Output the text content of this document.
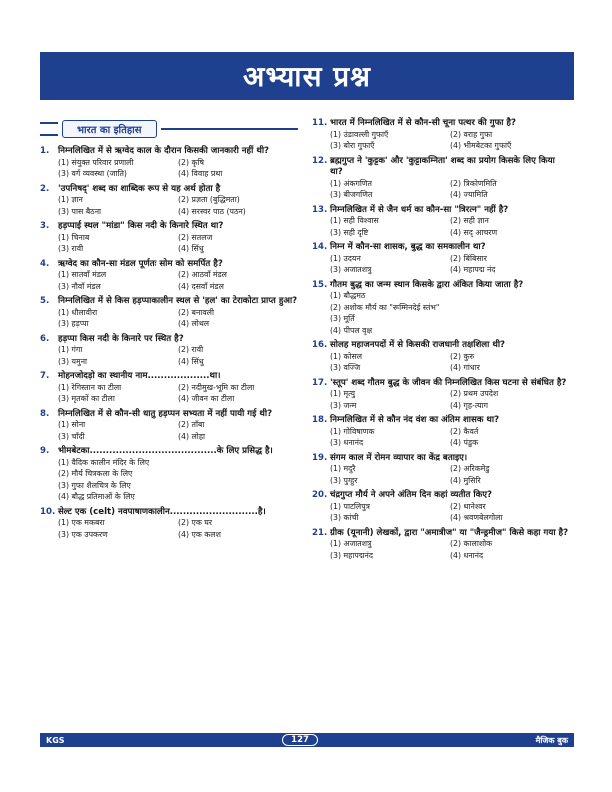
अभ्यास प्रश्न
भारत का इतिहास
1.	निम्नलिखित में से ऋग्वेद काल के दौरान किसकी जानकारी नहीं थी?
(1) संयुक्त परिवार प्रणाली	(2) कृषि
(3) वर्ग व्यवस्था (जाति)	(4) विवाह प्रथा
2.	'उपनिषद्' शब्द का शाब्दिक रूप से यह अर्थ होता है
(1) ज्ञान	(2) प्रज्ञता (बुद्धिमता)
(3) पास बैठना	(4) सरस्वर पाठ (पठन)
3.	हड़प्पाई स्थल "मांडा" किस नदी के किनारे स्थित था?
(1) चिनाब	(2) सतलज
(3) रावी	(4) सिंधु
4.	ऋग्वेद का कौन-सा मंडल पूर्णतः सोम को समर्पित है?
(1) सातवाँ मंडल	(2) आठवाँ मंडल
(3) नौवाँ मंडल	(4) दसवाँ मंडल
5.	निम्नलिखित में से किस हड़प्पाकालीन स्थल से 'हल' का टेराकोटा प्राप्त हुआ?
(1) धौलावीरा	(2) बनावली
(3) हड़प्पा	(4) लोथल
6.	हड़प्पा किस नदी के किनारे पर स्थित है?
(1) गंगा	(2) रावी
(3) यमुना	(4) सिंधु
7.	मोहनजोदड़ो का स्थानीय नाम...................था।
(1) रेगिस्तान का टीला	(2) नदीमुख-भूमि का टीला
(3) मृतकों का टीला	(4) जीवन का टीला
8.	निम्नलिखित में से कौन-सी धातु हड़प्पन सभ्यता में नहीं पायी गई थी?
(1) सोना	(2) ताँबा
(3) चाँदी	(4) लोहा
9.	भीमबेटका.......................................के लिए प्रसिद्ध है।
(1) वैदिक कालीन मंदिर के लिए
(2) मौर्य चित्रकला के लिए
(3) गुफा शैलचित्र के लिए
(4) बौद्ध प्रतिमाओं के लिए
10. सेल्ट एक (celt) नवपाषाणकालीन...........................है।
(1) एक मकबरा	(2) एक घर
(3) एक उपकरण	(4) एक कलश
11. भारत में निम्नलिखित में से कौन-सी चूना पत्थर की गुफा है?
(1) उंडावल्ली गुफाएँ	(2) वराह गुफा
(3) बोरा गुफाएँ	(4) भीमबेटका गुफाएँ
12. ब्रह्मगुप्त ने 'कुट्टक' और 'कुट्टाकम्निता' शब्द का प्रयोग किसके लिए किया था?
(1) अंकगणित	(2) त्रिकोणमिति
(3) बीजगणित	(4) ज्यामिति
13. निम्नलिखित में से जैन धर्म का कौन-सा "त्रिरत्न" नहीं है?
(1) सही विश्वास	(2) सही ज्ञान
(3) सही दृष्टि	(4) सद् आचरण
14. निम्न में कौन-सा शासक, बुद्ध का समकालीन था?
(1) उदयन	(2) बिंबिसार
(3) अजातशत्रु	(4) महापद्म नंद
15. गौतम बुद्ध का जन्म स्थान किसके द्वारा अंकित किया जाता है?
(1) बौद्धमठ
(2) अशोक मौर्य का "रूम्मिनदेई स्तंभ"
(3) मूर्ति
(4) पीपल वृक्ष
16. सोलह महाजनपदों में से किसकी राजधानी तक्षशिला थी?
(1) कोसल	(2) कुरु
(3) वज्जि	(4) गांधार
17. 'स्तूप' शब्द गौतम बुद्ध के जीवन की निम्नलिखित किस घटना से संबंधित है?
(1) मृत्यु	(2) प्रथम उपदेश
(3) जन्म	(4) गृह-त्याग
18. निम्नलिखित में से कौन नंद वंश का अंतिम शासक था?
(1) गोविषाणक	(2) कैवर्त
(3) धनानंद	(4) पंडुक
19. संगम काल में रोमन व्यापार का केंद्र बताइए।
(1) मदुरै	(2) अरिकमेडु
(3) पुग्हुर	(4) मुसिरि
20. चंद्रगुप्त मौर्य ने अपने अंतिम दिन कहां व्यतीत किए?
(1) पाटलिपुत्र	(2) थानेश्वर
(3) कांची	(4) श्रवणबेलगोला
21. ग्रीक (यूनानी) लेखकों, द्वारा "अमात्रीज" या "जैन्ड्रमीज" किसे कहा गया है?
(1) अजातशत्रु	(2) कालाशोक
(3) महापद्मनंद	(4) धनानंद
KGS	127	मैजिक बुक
